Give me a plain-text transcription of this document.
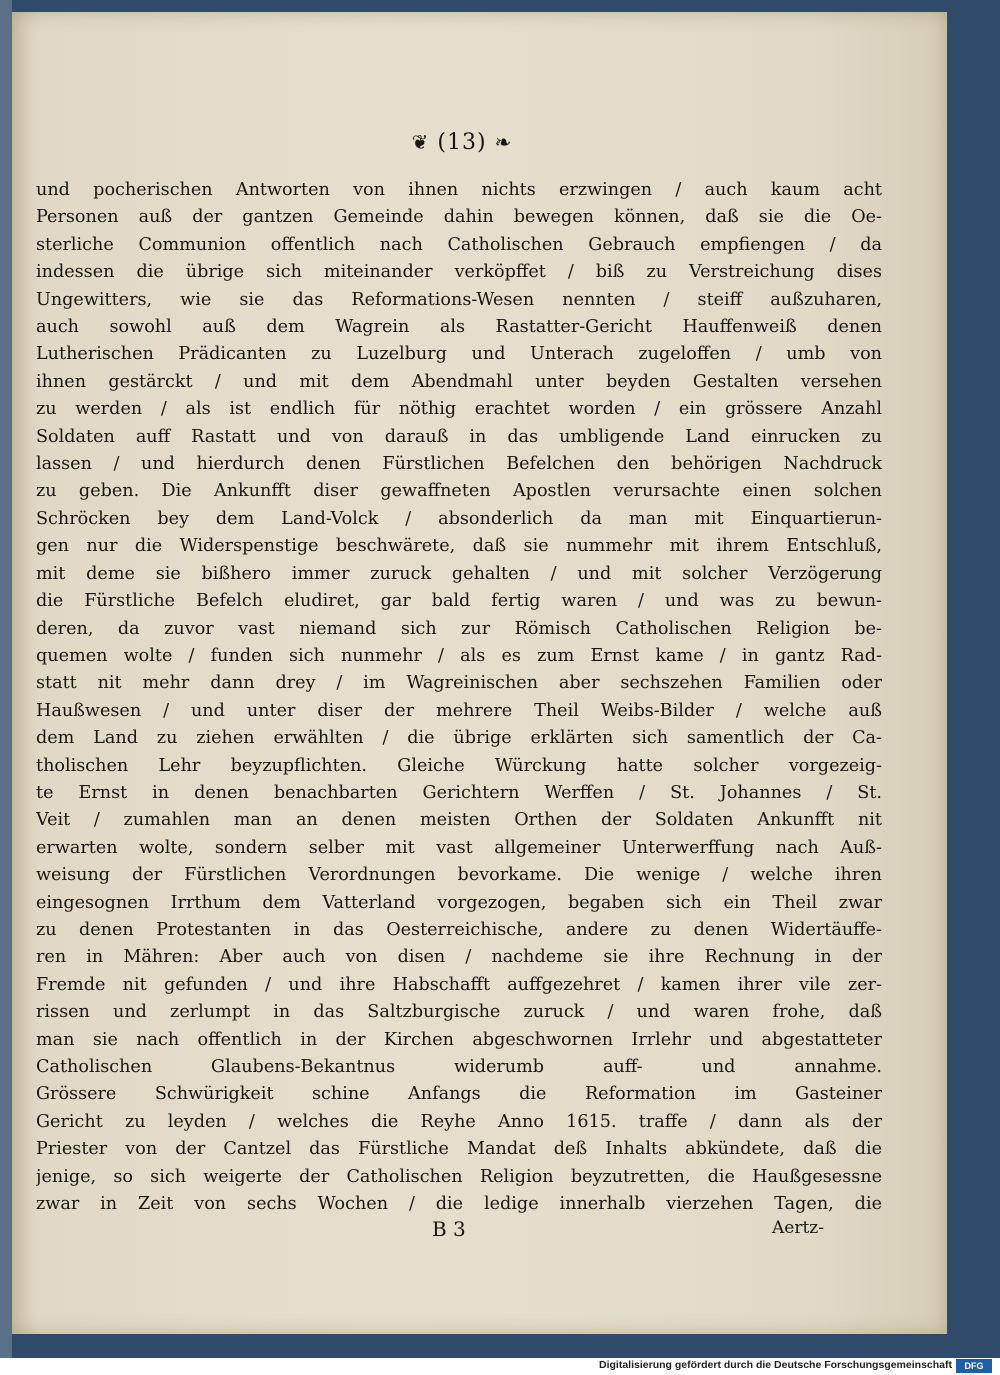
❦ (13) ❧
und pocherischen Antworten von ihnen nichts erzwingen / auch kaum acht
Personen auß der gantzen Gemeinde dahin bewegen können, daß sie die Oe-
sterliche Communion offentlich nach Catholischen Gebrauch empfiengen / da
indessen die übrige sich miteinander verköpffet / biß zu Verstreichung dises
Ungewitters, wie sie das Reformations-Wesen nennten / steiff außzuharen,
auch sowohl auß dem Wagrein als Rastatter-Gericht Hauffenweiß denen
Lutherischen Prädicanten zu Luzelburg und Unterach zugeloffen / umb von
ihnen gestärckt / und mit dem Abendmahl unter beyden Gestalten versehen
zu werden / als ist endlich für nöthig erachtet worden / ein grössere Anzahl
Soldaten auff Rastatt und von darauß in das umbligende Land einrucken zu
lassen / und hierdurch denen Fürstlichen Befelchen den behörigen Nachdruck
zu geben. Die Ankunfft diser gewaffneten Apostlen verursachte einen solchen
Schröcken bey dem Land-Volck / absonderlich da man mit Einquartierun-
gen nur die Widerspenstige beschwärete, daß sie nummehr mit ihrem Entschluß,
mit deme sie bißhero immer zuruck gehalten / und mit solcher Verzögerung
die Fürstliche Befelch eludiret, gar bald fertig waren / und was zu bewun-
deren, da zuvor vast niemand sich zur Römisch Catholischen Religion be-
quemen wolte / funden sich nunmehr / als es zum Ernst kame / in gantz Rad-
statt nit mehr dann drey / im Wagreinischen aber sechszehen Familien oder
Haußwesen / und unter diser der mehrere Theil Weibs-Bilder / welche auß
dem Land zu ziehen erwählten / die übrige erklärten sich samentlich der Ca-
tholischen Lehr beyzupflichten. Gleiche Würckung hatte solcher vorgezeig-
te Ernst in denen benachbarten Gerichtern Werffen / St. Johannes / St.
Veit / zumahlen man an denen meisten Orthen der Soldaten Ankunfft nit
erwarten wolte, sondern selber mit vast allgemeiner Unterwerffung nach Auß-
weisung der Fürstlichen Verordnungen bevorkame. Die wenige / welche ihren
eingesognen Irrthum dem Vatterland vorgezogen, begaben sich ein Theil zwar
zu denen Protestanten in das Oesterreichische, andere zu denen Widertäuffe-
ren in Mähren: Aber auch von disen / nachdeme sie ihre Rechnung in der
Fremde nit gefunden / und ihre Habschafft auffgezehret / kamen ihrer vile zer-
rissen und zerlumpt in das Saltzburgische zuruck / und waren frohe, daß
man sie nach offentlich in der Kirchen abgeschwornen Irrlehr und abgestatteter
Catholischen Glaubens-Bekantnus widerumb auff- und annahme.
Grössere Schwürigkeit schine Anfangs die Reformation im Gasteiner
Gericht zu leyden / welches die Reyhe Anno 1615. traffe / dann als der
Priester von der Cantzel das Fürstliche Mandat deß Inhalts abkündete, daß die
jenige, so sich weigerte der Catholischen Religion beyzutretten, die Haußgesessne
zwar in Zeit von sechs Wochen / die ledige innerhalb vierzehen Tagen, die
B 3	Aertz-
Digitalisierung gefördert durch die Deutsche Forschungsgemeinschaft	DFG
